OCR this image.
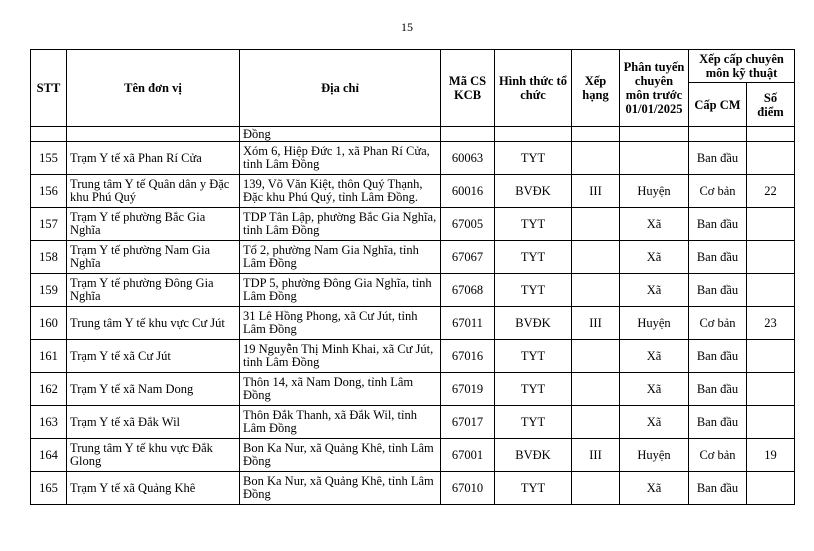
15
STT	Tên đơn vị	Địa chỉ	Mã CS KCB	Hình thức tổ chức	Xếp hạng	Phân tuyến chuyên môn trước 01/01/2025	Xếp cấp chuyên môn kỹ thuật	
							Cấp CM	Số điểm
		Đồng						
155	Trạm Y tế xã Phan Rí Cửa	Xóm 6, Hiệp Đức 1, xã Phan Rí Cửa, tỉnh Lâm Đồng	60063	TYT			Ban đầu	
156	Trung tâm Y tế Quân dân y Đặc khu Phú Quý	139, Võ Văn Kiệt, thôn Quý Thạnh, Đặc khu Phú Quý, tỉnh Lâm Đồng.	60016	BVĐK	III	Huyện	Cơ bản	22
157	Trạm Y tế phường Bắc Gia Nghĩa	TDP Tân Lập, phường Bắc Gia Nghĩa, tỉnh Lâm Đồng	67005	TYT		Xã	Ban đầu	
158	Trạm Y tế phường Nam Gia Nghĩa	Tổ 2, phường Nam Gia Nghĩa, tỉnh Lâm Đồng	67067	TYT		Xã	Ban đầu	
159	Trạm Y tế phường Đông Gia Nghĩa	TDP 5, phường Đông Gia Nghĩa, tỉnh Lâm Đồng	67068	TYT		Xã	Ban đầu	
160	Trung tâm Y tế khu vực Cư Jút	31 Lê Hồng Phong, xã Cư Jút, tỉnh Lâm Đồng	67011	BVĐK	III	Huyện	Cơ bản	23
161	Trạm Y tế xã Cư Jút	19 Nguyễn Thị Minh Khai, xã Cư Jút, tỉnh Lâm Đồng	67016	TYT		Xã	Ban đầu	
162	Trạm Y tế xã Nam Dong	Thôn 14, xã Nam Dong, tỉnh Lâm Đồng	67019	TYT		Xã	Ban đầu	
163	Trạm Y tế xã Đắk Wil	Thôn Đắk Thanh, xã Đắk Wil, tỉnh Lâm Đồng	67017	TYT		Xã	Ban đầu	
164	Trung tâm Y tế khu vực Đắk Glong	Bon Ka Nur, xã Quảng Khê, tỉnh Lâm Đồng	67001	BVĐK	III	Huyện	Cơ bản	19
165	Trạm Y tế xã Quảng Khê	Bon Ka Nur, xã Quảng Khê, tỉnh Lâm Đồng	67010	TYT		Xã	Ban đầu	
